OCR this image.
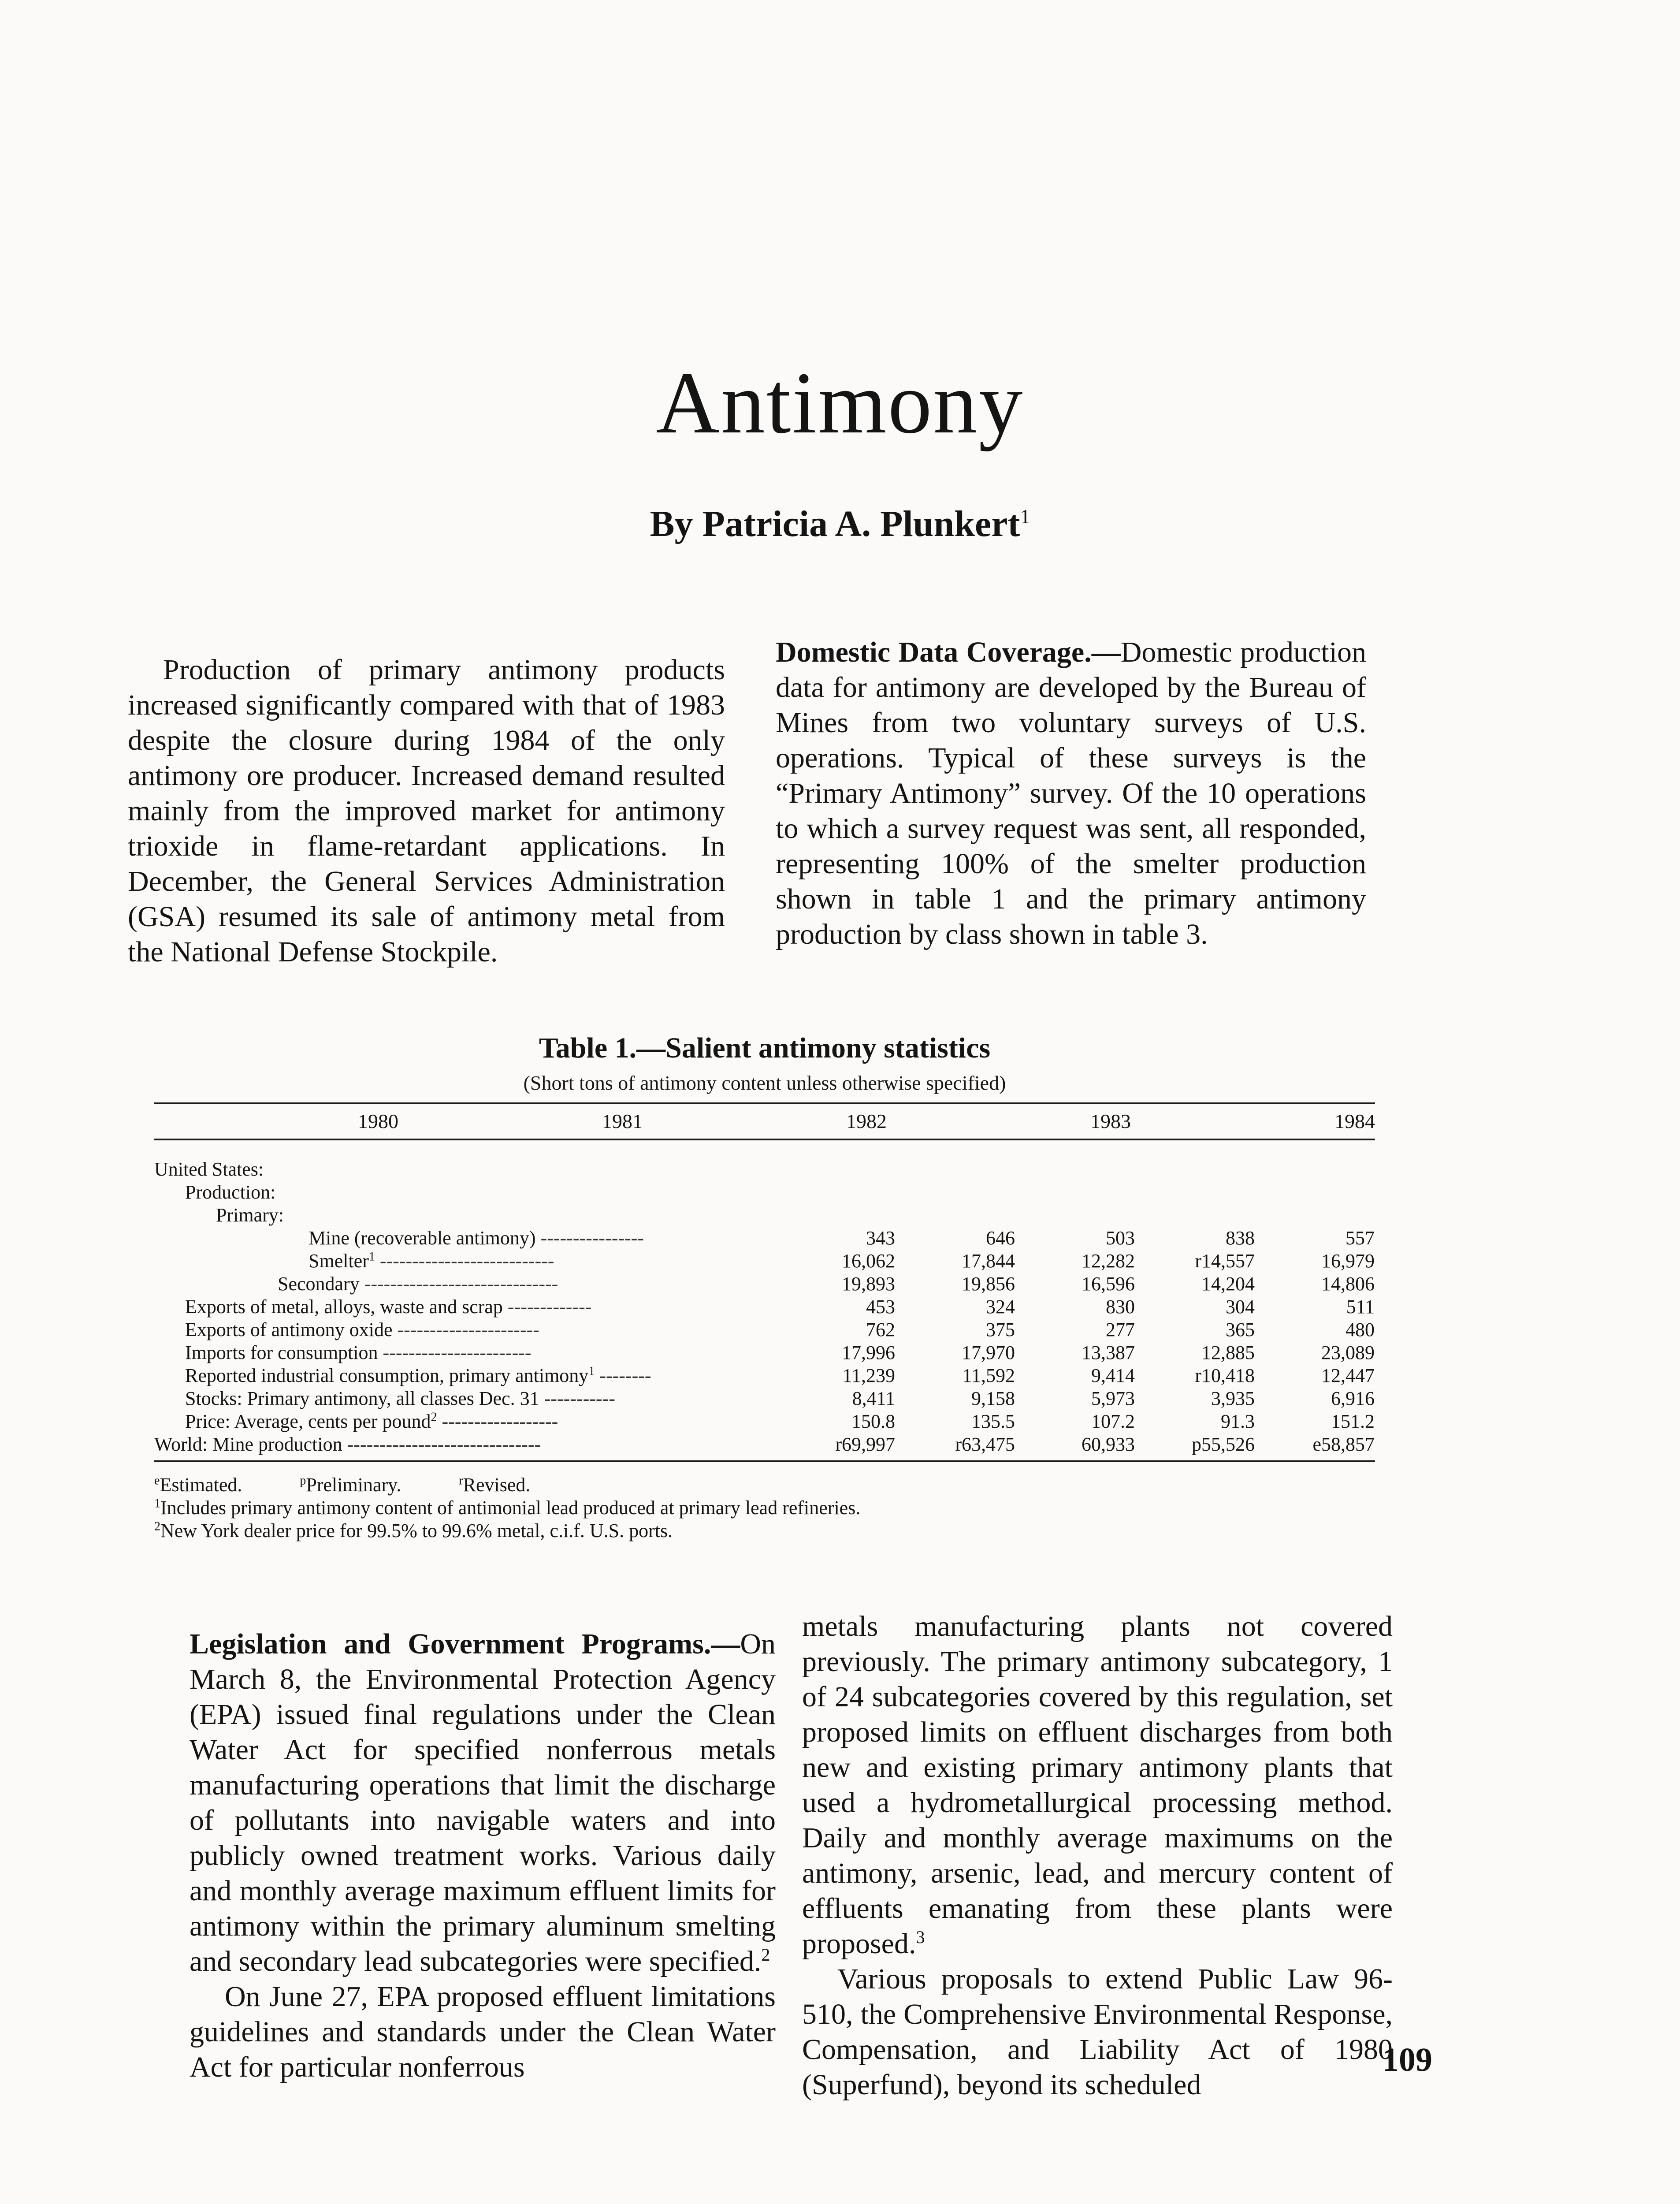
Antimony

By Patricia A. Plunkert$^1$

Production of primary antimony products increased significantly compared with that of 1983 despite the closure during 1984 of the only antimony ore producer. Increased demand resulted mainly from the improved market for antimony trioxide in flame-retardant applications. In December, the General Services Administration (GSA) resumed its sale of antimony metal from the National Defense Stockpile.

Domestic Data Coverage.—Domestic production data for antimony are developed by the Bureau of Mines from two voluntary surveys of U.S. operations. Typical of these surveys is the “Primary Antimony” survey. Of the 10 operations to which a survey request was sent, all responded, representing 100% of the smelter production shown in table 1 and the primary antimony production by class shown in table 3.

Table 1.—Salient antimony statistics

(Short tons of antimony content unless otherwise specified)

	1980	1981	1982	1983	1984
United States:					
Production:					
Primary:					
Mine (recoverable antimony) ----------------	343	646	503	838	557
Smelter$^1$ ---------------------------	16,062	17,844	12,282	r14,557	16,979
Secondary ------------------------------	19,893	19,856	16,596	14,204	14,806
Exports of metal, alloys, waste and scrap -------------	453	324	830	304	511
Exports of antimony oxide ----------------------	762	375	277	365	480
Imports for consumption -----------------------	17,996	17,970	13,387	12,885	23,089
Reported industrial consumption, primary antimony$^1$ --------	11,239	11,592	9,414	r10,418	12,447
Stocks: Primary antimony, all classes Dec. 31 -----------	8,411	9,158	5,973	3,935	6,916
Price: Average, cents per pound$^2$ ------------------	150.8	135.5	107.2	91.3	151.2
World: Mine production ------------------------------	r69,997	r63,475	60,933	p55,526	e58,857

$^e$Estimated.	$^p$Preliminary.	$^r$Revised.

$^1$Includes primary antimony content of antimonial lead produced at primary lead refineries.

$^2$New York dealer price for 99.5% to 99.6% metal, c.i.f. U.S. ports.

Legislation and Government Programs.—On March 8, the Environmental Protection Agency (EPA) issued final regulations under the Clean Water Act for specified nonferrous metals manufacturing operations that limit the discharge of pollutants into navigable waters and into publicly owned treatment works. Various daily and monthly average maximum effluent limits for antimony within the primary aluminum smelting and secondary lead subcategories were specified.$^2$

On June 27, EPA proposed effluent limitations guidelines and standards under the Clean Water Act for particular nonferrous

metals manufacturing plants not covered previously. The primary antimony subcategory, 1 of 24 subcategories covered by this regulation, set proposed limits on effluent discharges from both new and existing primary antimony plants that used a hydrometallurgical processing method. Daily and monthly average maximums on the antimony, arsenic, lead, and mercury content of effluents emanating from these plants were proposed.$^3$

Various proposals to extend Public Law 96-510, the Comprehensive Environmental Response, Compensation, and Liability Act of 1980 (Superfund), beyond its scheduled

109
